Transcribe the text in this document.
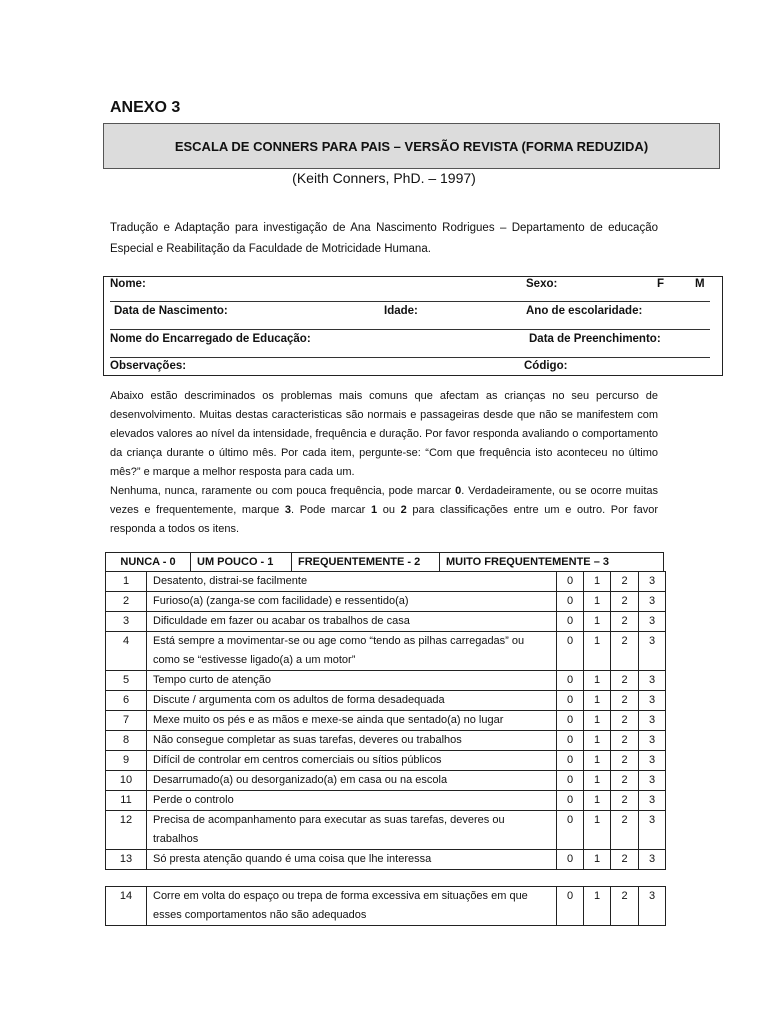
ANEXO 3
ESCALA DE CONNERS PARA PAIS – VERSÃO REVISTA (FORMA REDUZIDA)
(Keith Conners, PhD. – 1997)
Tradução e Adaptação para investigação de Ana Nascimento Rodrigues – Departamento de educação Especial e Reabilitação da Faculdade de Motricidade Humana.
Nome:	Sexo:	F	M
Data de Nascimento:	Idade:	Ano de escolaridade:
Nome do Encarregado de Educação:	Data de Preenchimento:
Observações:	Código:

Abaixo estão descriminados os problemas mais comuns que afectam as crianças no seu percurso de desenvolvimento. Muitas destas caracteristicas são normais e passageiras desde que não se manifestem com elevados valores ao nível da intensidade, frequência e duração. Por favor responda avaliando o comportamento da criança durante o último mês. Por cada item, pergunte-se: “Com que frequência isto aconteceu no último mês?” e marque a melhor resposta para cada um.

Nenhuma, nunca, raramente ou com pouca frequência, pode marcar 0. Verdadeiramente, ou se ocorre muitas vezes e frequentemente, marque 3. Pode marcar 1 ou 2 para classificações entre um e outro. Por favor responda a todos os itens.

NUNCA - 0	UM POUCO - 1	FREQUENTEMENTE - 2	MUITO FREQUENTEMENTE – 3
1	Desatento, distrai-se facilmente	0	1	2	3
2	Furioso(a) (zanga-se com facilidade) e ressentido(a)	0	1	2	3
3	Dificuldade em fazer ou acabar os trabalhos de casa	0	1	2	3
4	Está sempre a movimentar-se ou age como “tendo as pilhas carregadas” ou como se “estivesse ligado(a) a um motor”	0	1	2	3
5	Tempo curto de atenção	0	1	2	3
6	Discute / argumenta com os adultos de forma desadequada	0	1	2	3
7	Mexe muito os pés e as mãos e mexe-se ainda que sentado(a) no lugar	0	1	2	3
8	Não consegue completar as suas tarefas, deveres ou trabalhos	0	1	2	3
9	Difícil de controlar em centros comerciais ou sítios públicos	0	1	2	3
10	Desarrumado(a) ou desorganizado(a) em casa ou na escola	0	1	2	3
11	Perde o controlo	0	1	2	3
12	Precisa de acompanhamento para executar as suas tarefas, deveres ou trabalhos	0	1	2	3
13	Só presta atenção quando é uma coisa que lhe interessa	0	1	2	3
14	Corre em volta do espaço ou trepa de forma excessiva em situações em que esses comportamentos não são adequados	0	1	2	3
